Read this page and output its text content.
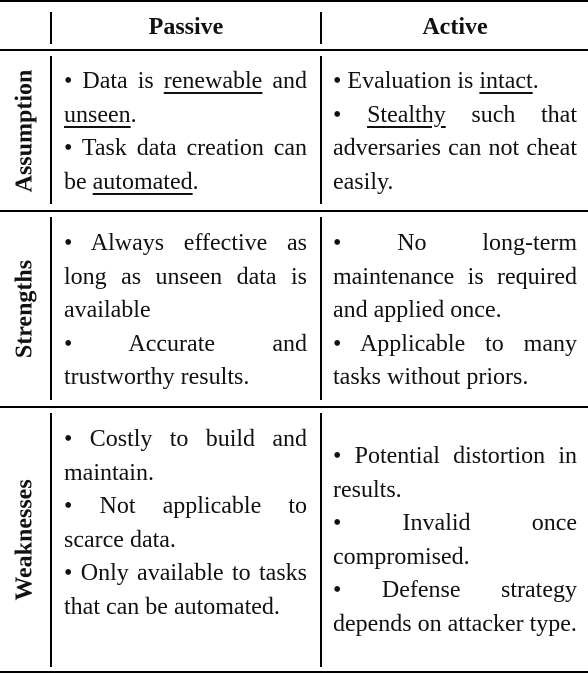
Passive	Active
Assumption
Strengths
Weaknesses

• Data is renewable and unseen.

• Task data creation can be automated.

• Evaluation is intact.

• Stealthy such that adversaries can not cheat easily.

• Always effective as long as unseen data is available

• Accurate and trustworthy results.

• No long-term maintenance is required and applied once.

• Applicable to many tasks without priors.

• Costly to build and maintain.

• Not applicable to scarce data.

• Only available to tasks that can be automated.

• Potential distortion in results.

• Invalid once compromised.

• Defense strategy depends on attacker type.
